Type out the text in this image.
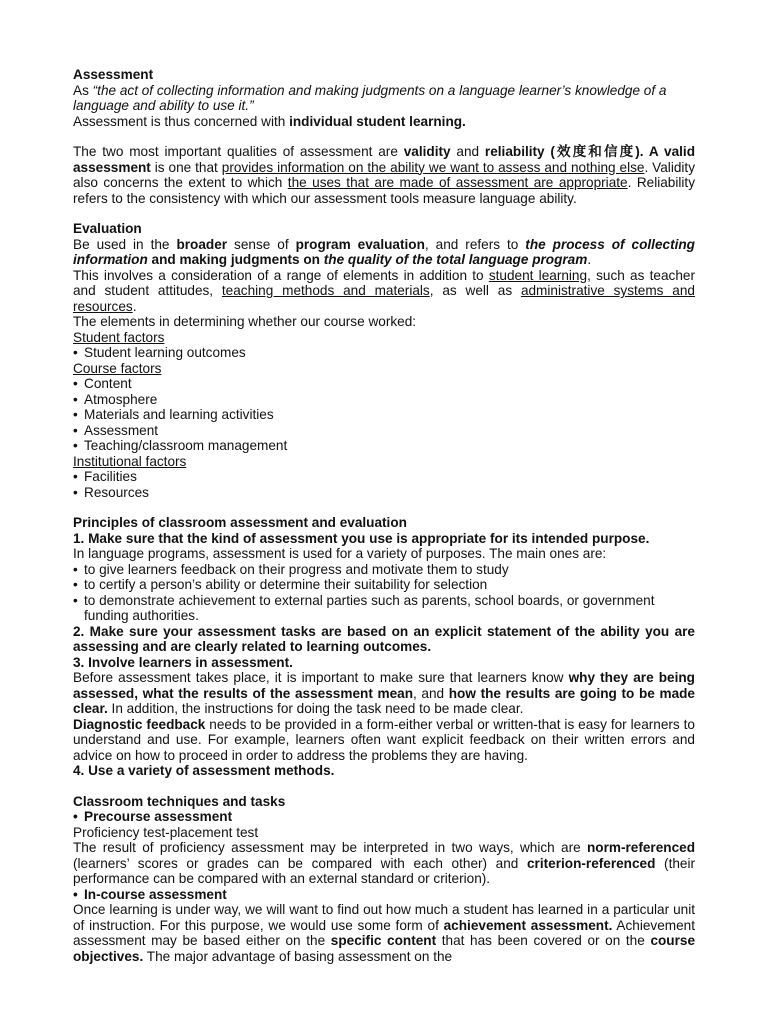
Assessment

As “the act of collecting information and making judgments on a language learner’s knowledge of a language and ability to use it.”

Assessment is thus concerned with individual student learning.

The two most important qualities of assessment are validity and reliability (效度和信度). A valid assessment is one that provides information on the ability we want to assess and nothing else. Validity also concerns the extent to which the uses that are made of assessment are appropriate. Reliability refers to the consistency with which our assessment tools measure language ability.

Evaluation

Be used in the broader sense of program evaluation, and refers to the process of collecting information and making judgments on the quality of the total language program.

This involves a consideration of a range of elements in addition to student learning, such as teacher and student attitudes, teaching methods and materials, as well as administrative systems and resources.

The elements in determining whether our course worked:

Student factors

• Student learning outcomes

Course factors

• Content

• Atmosphere

• Materials and learning activities

• Assessment

• Teaching/classroom management

Institutional factors

• Facilities

• Resources

Principles of classroom assessment and evaluation

1. Make sure that the kind of assessment you use is appropriate for its intended purpose.

In language programs, assessment is used for a variety of purposes. The main ones are:

• to give learners feedback on their progress and motivate them to study

• to certify a person’s ability or determine their suitability for selection

• to demonstrate achievement to external parties such as parents, school boards, or government funding authorities.

2. Make sure your assessment tasks are based on an explicit statement of the ability you are assessing and are clearly related to learning outcomes.

3. Involve learners in assessment.

Before assessment takes place, it is important to make sure that learners know why they are being assessed, what the results of the assessment mean, and how the results are going to be made clear. In addition, the instructions for doing the task need to be made clear.

Diagnostic feedback needs to be provided in a form-either verbal or written-that is easy for learners to understand and use. For example, learners often want explicit feedback on their written errors and advice on how to proceed in order to address the problems they are having.

4. Use a variety of assessment methods.

Classroom techniques and tasks

• Precourse assessment

Proficiency test-placement test

The result of proficiency assessment may be interpreted in two ways, which are norm-referenced (learners’ scores or grades can be compared with each other) and criterion-referenced (their performance can be compared with an external standard or criterion).

• In-course assessment

Once learning is under way, we will want to find out how much a student has learned in a particular unit of instruction. For this purpose, we would use some form of achievement assessment. Achievement assessment may be based either on the specific content that has been covered or on the course objectives. The major advantage of basing assessment on the
